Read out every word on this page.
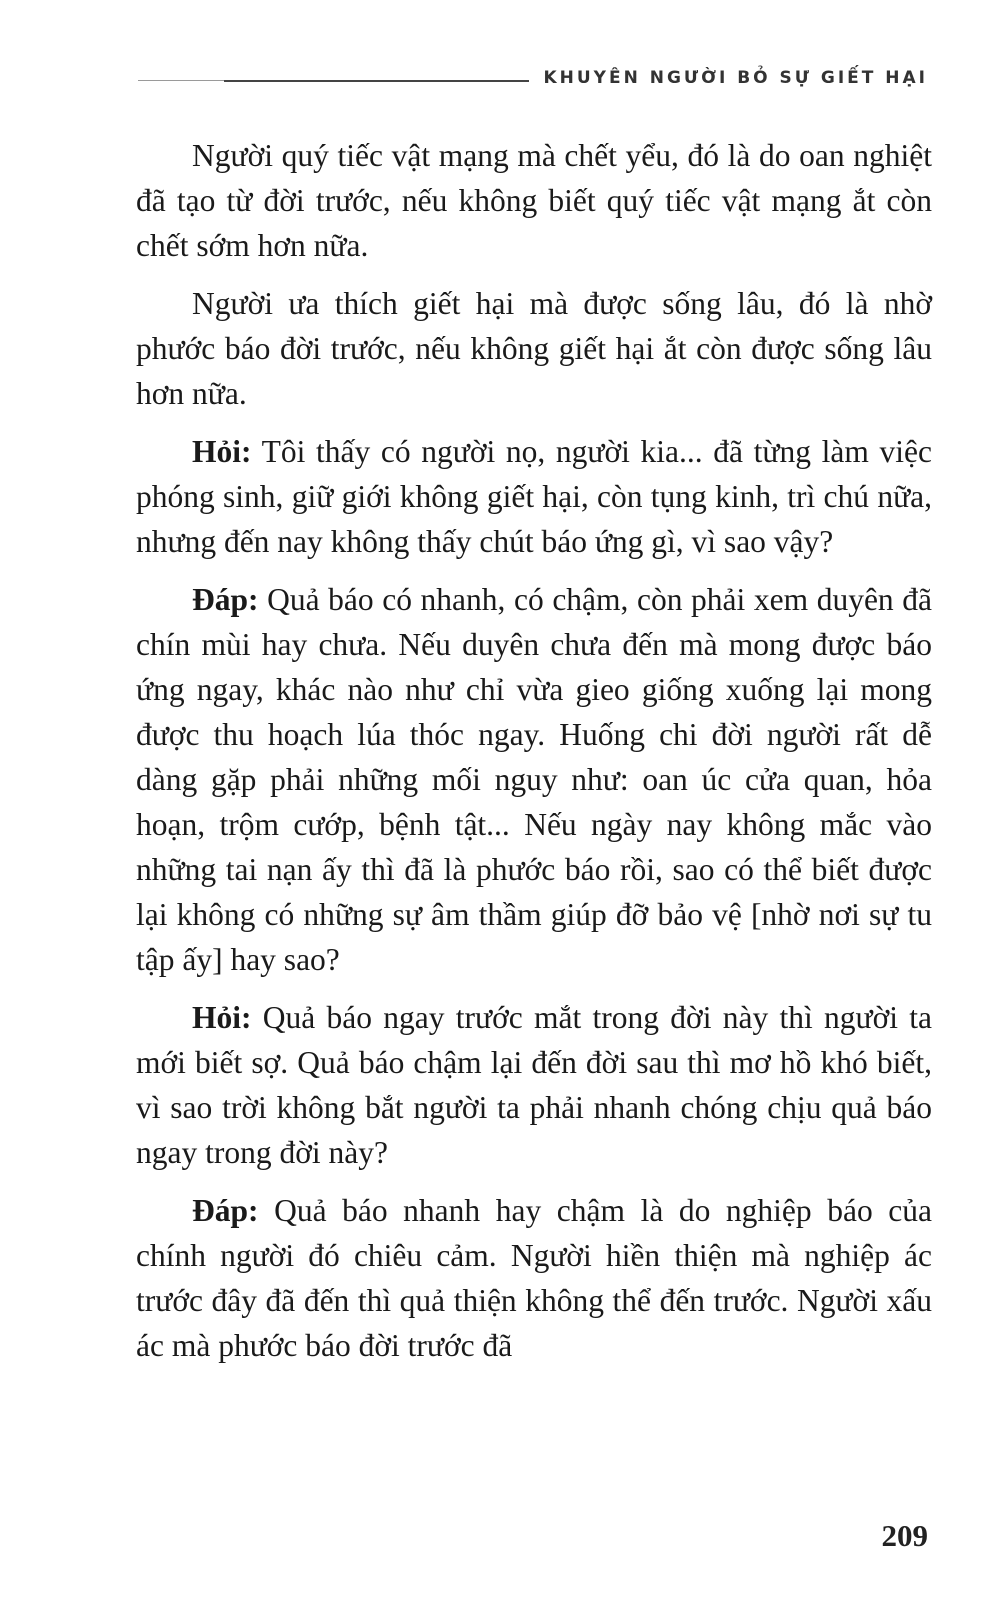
KHUYÊN NGƯỜI BỎ SỰ GIẾT HẠI

Người quý tiếc vật mạng mà chết yểu, đó là do oan nghiệt đã tạo từ đời trước, nếu không biết quý tiếc vật mạng ắt còn chết sớm hơn nữa.

Người ưa thích giết hại mà được sống lâu, đó là nhờ phước báo đời trước, nếu không giết hại ắt còn được sống lâu hơn nữa.

Hỏi: Tôi thấy có người nọ, người kia... đã từng làm việc phóng sinh, giữ giới không giết hại, còn tụng kinh, trì chú nữa, nhưng đến nay không thấy chút báo ứng gì, vì sao vậy?

Đáp: Quả báo có nhanh, có chậm, còn phải xem duyên đã chín mùi hay chưa. Nếu duyên chưa đến mà mong được báo ứng ngay, khác nào như chỉ vừa gieo giống xuống lại mong được thu hoạch lúa thóc ngay. Huống chi đời người rất dễ dàng gặp phải những mối nguy như: oan úc cửa quan, hỏa hoạn, trộm cướp, bệnh tật... Nếu ngày nay không mắc vào những tai nạn ấy thì đã là phước báo rồi, sao có thể biết được lại không có những sự âm thầm giúp đỡ bảo vệ [nhờ nơi sự tu tập ấy] hay sao?

Hỏi: Quả báo ngay trước mắt trong đời này thì người ta mới biết sợ. Quả báo chậm lại đến đời sau thì mơ hồ khó biết, vì sao trời không bắt người ta phải nhanh chóng chịu quả báo ngay trong đời này?

Đáp: Quả báo nhanh hay chậm là do nghiệp báo của chính người đó chiêu cảm. Người hiền thiện mà nghiệp ác trước đây đã đến thì quả thiện không thể đến trước. Người xấu ác mà phước báo đời trước đã

209
